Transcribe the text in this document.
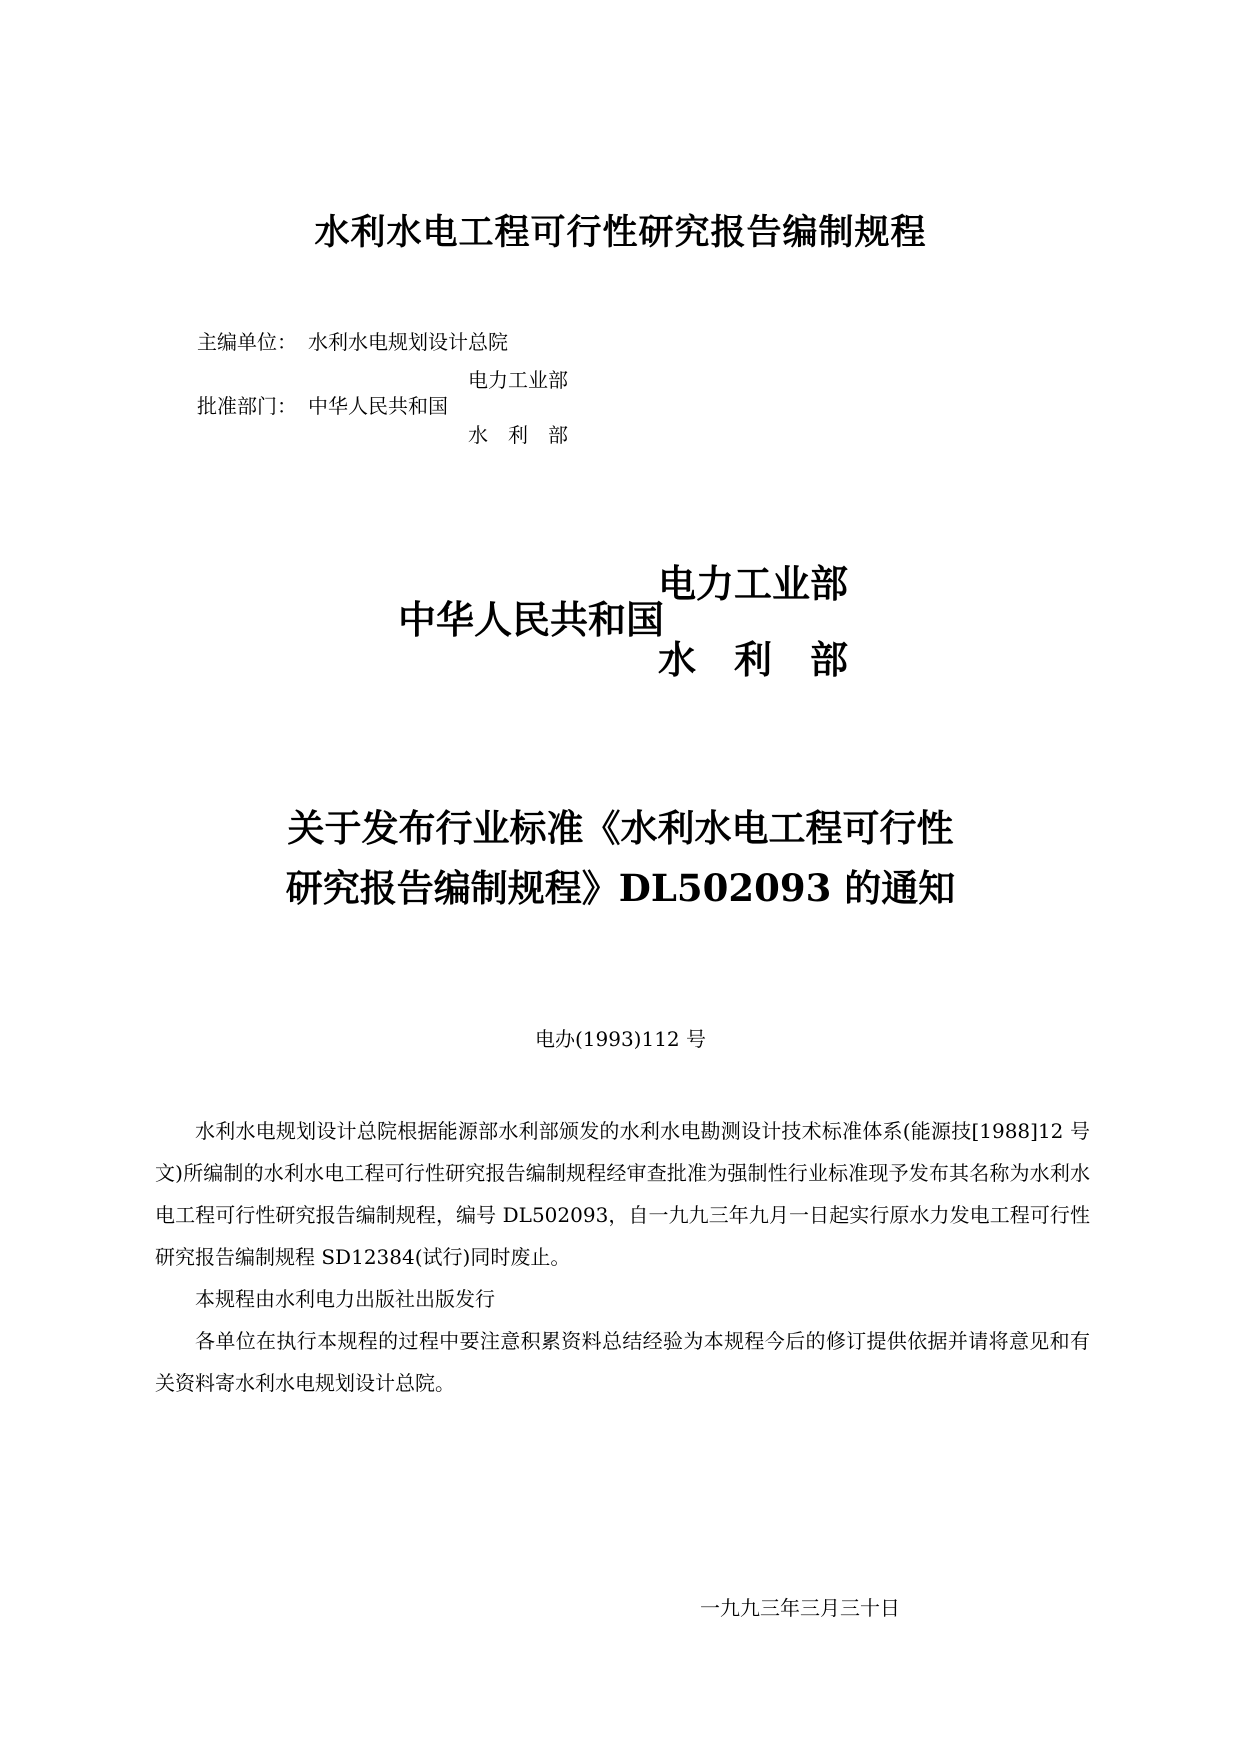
水利水电工程可行性研究报告编制规程
主编单位： 水利水电规划设计总院
电力工业部
批准部门： 中华人民共和国
水　利　部
中华人民共和国
电力工业部
水　利　部
关于发布行业标准《水利水电工程可行性
研究报告编制规程》DL502093 的通知
电办(1993)112 号

水利水电规划设计总院根据能源部水利部颁发的水利水电勘测设计技术标准体系(能源技[1988]12 号文)所编制的水利水电工程可行性研究报告编制规程经审查批准为强制性行业标准现予发布其名称为水利水电工程可行性研究报告编制规程，编号 DL502093，自一九九三年九月一日起实行原水力发电工程可行性研究报告编制规程 SD12384(试行)同时废止。

本规程由水利电力出版社出版发行

各单位在执行本规程的过程中要注意积累资料总结经验为本规程今后的修订提供依据并请将意见和有关资料寄水利水电规划设计总院。

一九九三年三月三十日
